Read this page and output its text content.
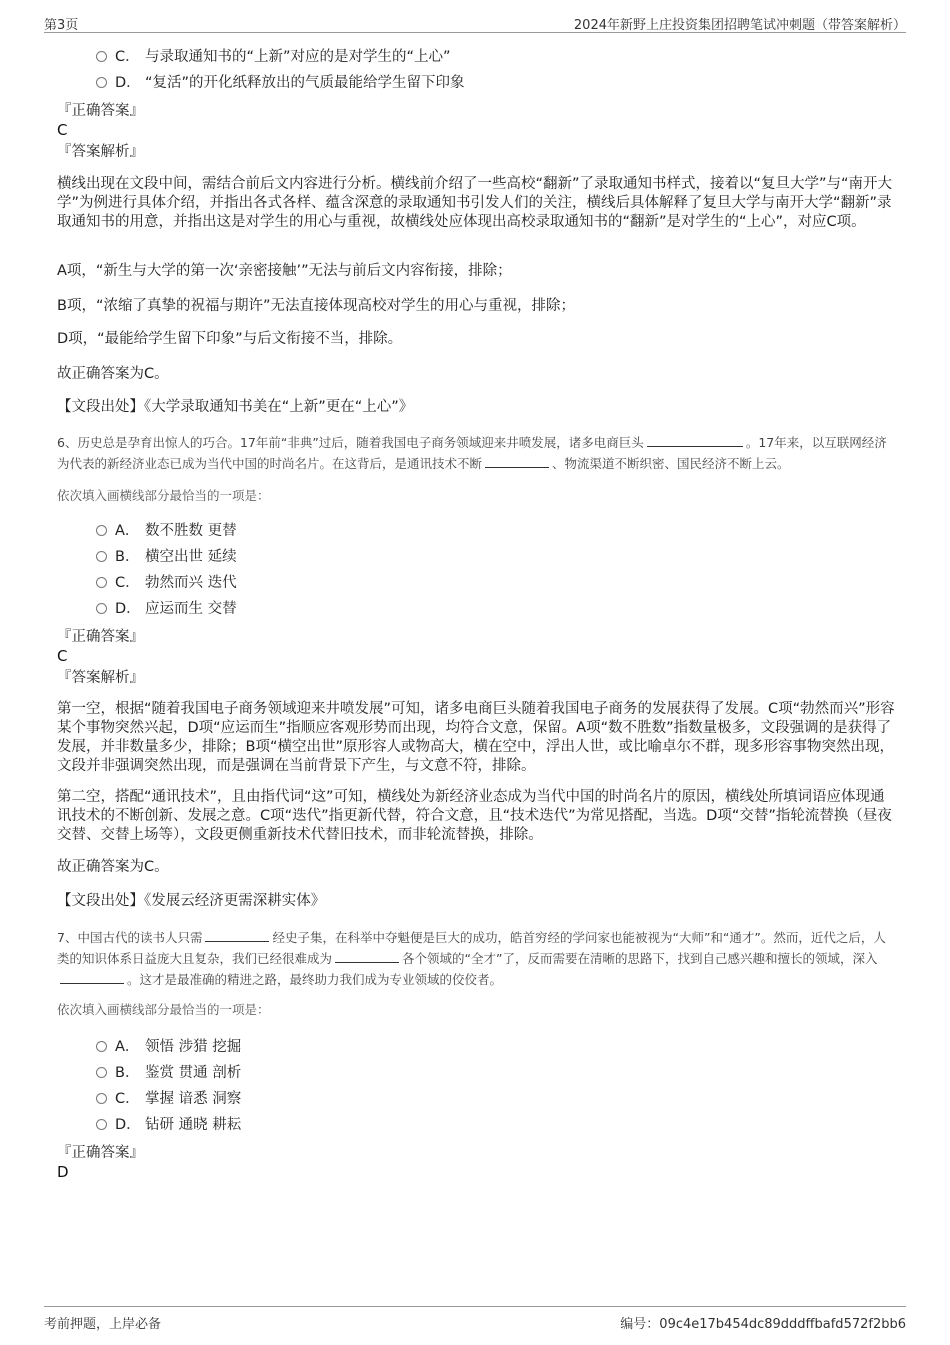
第3页	2024年新野上庄投资集团招聘笔试冲刺题（带答案解析）
C． 与录取通知书的“上新”对应的是对学生的“上心”
D． “复活”的开化纸释放出的气质最能给学生留下印象
『正确答案』
C
『答案解析』
横线出现在文段中间，需结合前后文内容进行分析。横线前介绍了一些高校“翻新”了录取通知书样式，接着以“复旦大学”与“南开大学”为例进行具体介绍，并指出各式各样、蕴含深意的录取通知书引发人们的关注，横线后具体解释了复旦大学与南开大学“翻新”录取通知书的用意，并指出这是对学生的用心与重视，故横线处应体现出高校录取通知书的“翻新”是对学生的“上心”，对应C项。
A项，“新生与大学的第一次‘亲密接触’”无法与前后文内容衔接，排除；
B项，“浓缩了真挚的祝福与期许”无法直接体现高校对学生的用心与重视，排除；
D项，“最能给学生留下印象”与后文衔接不当，排除。
故正确答案为C。
【文段出处】《大学录取通知书美在“上新”更在“上心”》
6、历史总是孕育出惊人的巧合。17年前“非典”过后，随着我国电子商务领域迎来井喷发展，诸多电商巨头	。17年来，以互联网经济为代表的新经济业态已成为当代中国的时尚名片。在这背后，是通讯技术不断	、物流渠道不断织密、国民经济不断上云。
依次填入画横线部分最恰当的一项是：
A． 数不胜数 更替
B． 横空出世 延续
C． 勃然而兴 迭代
D． 应运而生 交替
『正确答案』
C
『答案解析』
第一空，根据“随着我国电子商务领域迎来井喷发展”可知，诸多电商巨头随着我国电子商务的发展获得了发展。C项“勃然而兴”形容某个事物突然兴起，D项“应运而生”指顺应客观形势而出现，均符合文意，保留。A项“数不胜数”指数量极多，文段强调的是获得了发展，并非数量多少，排除；B项“横空出世”原形容人或物高大，横在空中，浮出人世，或比喻卓尔不群，现多形容事物突然出现，文段并非强调突然出现，而是强调在当前背景下产生，与文意不符，排除。
第二空，搭配“通讯技术”，且由指代词“这”可知，横线处为新经济业态成为当代中国的时尚名片的原因，横线处所填词语应体现通讯技术的不断创新、发展之意。C项“迭代”指更新代替，符合文意，且“技术迭代”为常见搭配，当选。D项“交替”指轮流替换（昼夜交替、交替上场等），文段更侧重新技术代替旧技术，而非轮流替换，排除。
故正确答案为C。
【文段出处】《发展云经济更需深耕实体》
7、中国古代的读书人只需	经史子集，在科举中夺魁便是巨大的成功，皓首穷经的学问家也能被视为“大师”和“通才”。然而，近代之后，人类的知识体系日益庞大且复杂，我们已经很难成为	各个领域的“全才”了，反而需要在清晰的思路下，找到自己感兴趣和擅长的领域，深入。这才是最准确的精进之路，最终助力我们成为专业领域的佼佼者。
依次填入画横线部分最恰当的一项是：
A． 领悟 涉猎 挖掘
B． 鉴赏 贯通 剖析
C． 掌握 谙悉 洞察
D． 钻研 通晓 耕耘
『正确答案』
D
考前押题，上岸必备	编号：09c4e17b454dc89dddffbafd572f2bb6
